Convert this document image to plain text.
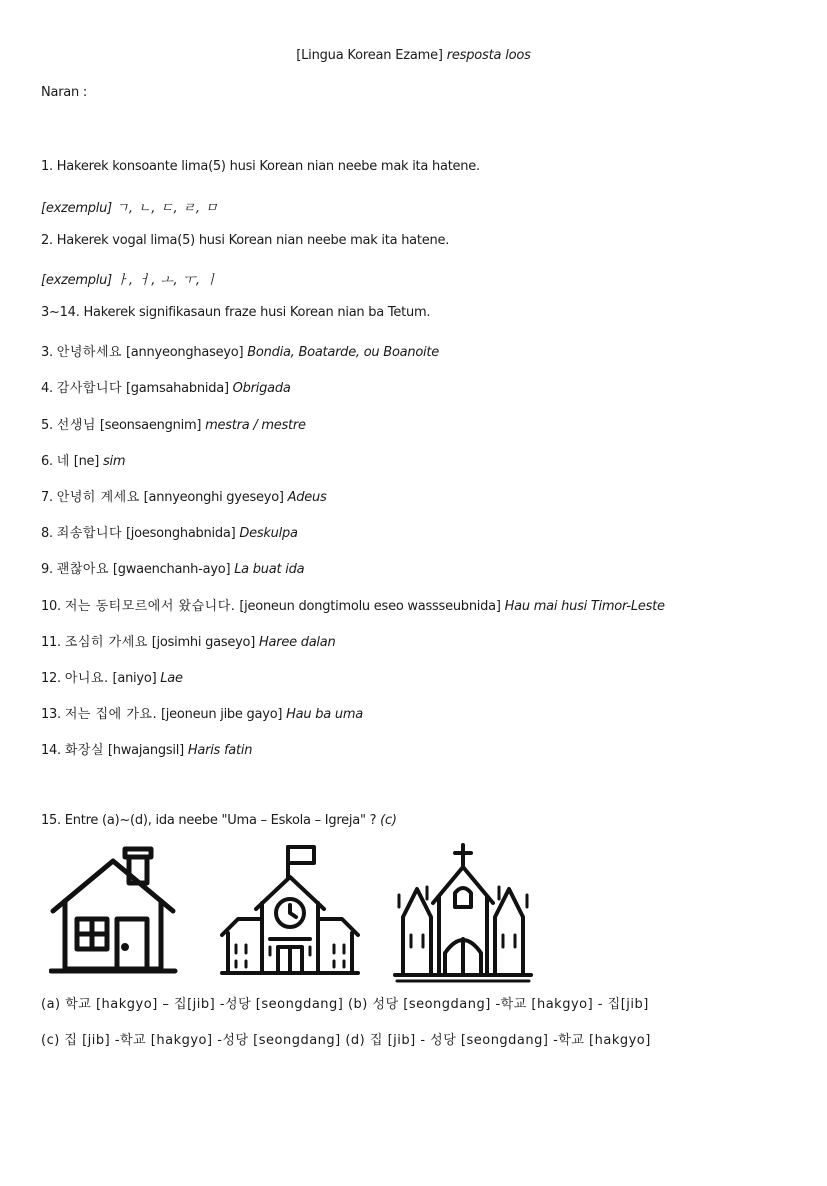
[Lingua Korean Ezame] resposta loos
Naran :
1. Hakerek konsoante lima(5) husi Korean nian neebe mak ita hatene.
[exzemplu] ㄱ, ㄴ, ㄷ, ㄹ, ㅁ
2. Hakerek vogal lima(5) husi Korean nian neebe mak ita hatene.
[exzemplu] ㅏ, ㅓ, ㅗ, ㅜ, ㅣ
3~14. Hakerek signifikasaun fraze husi Korean nian ba Tetum.
3. 안녕하세요 [annyeonghaseyo] Bondia, Boatarde, ou Boanoite
4. 감사합니다 [gamsahabnida] Obrigada
5. 선생님 [seonsaengnim] mestra / mestre
6. 네 [ne] sim
7. 안녕히 계세요 [annyeonghi gyeseyo] Adeus
8. 죄송합니다 [joesonghabnida] Deskulpa
9. 괜찮아요 [gwaenchanh-ayo] La buat ida
10. 저는 동티모르에서 왔습니다. [jeoneun dongtimolu eseo wassseubnida] Hau mai husi Timor-Leste
11. 조심히 가세요 [josimhi gaseyo] Haree dalan
12. 아니요. [aniyo] Lae
13. 저는 집에 가요. [jeoneun jibe gayo] Hau ba uma
14. 화장실 [hwajangsil] Haris fatin
15. Entre (a)~(d), ida neebe "Uma – Eskola – Igreja" ? (c)
(a) 학교 [hakgyo] – 집[jib] -성당 [seongdang] (b) 성당 [seongdang] -학교 [hakgyo] - 집[jib]
(c) 집 [jib] -학교 [hakgyo] -성당 [seongdang] (d) 집 [jib] - 성당 [seongdang] -학교 [hakgyo]
